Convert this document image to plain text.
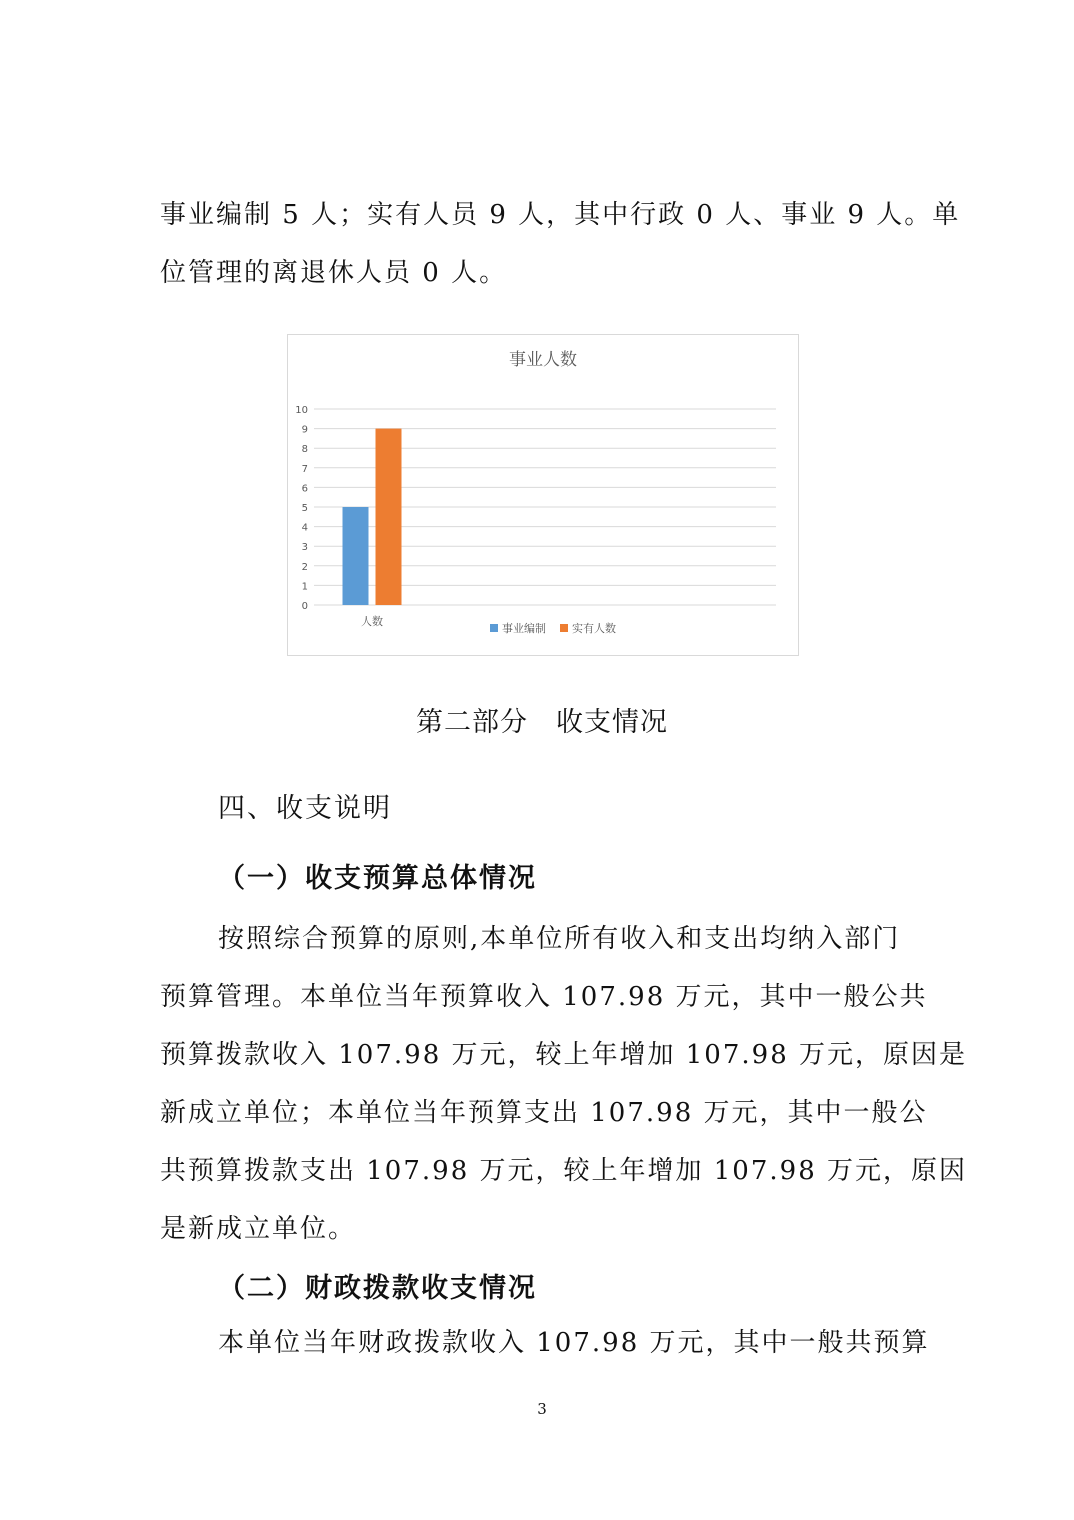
事业编制 5 人；实有人员 9 人，其中行政 0 人、事业 9 人。单
位管理的离退休人员 0 人。
事业人数
0
1
2
3
4
5
6
7
8
9
10
人数
事业编制 实有人数
第二部分　收支情况
四、收支说明
（一）收支预算总体情况
按照综合预算的原则,本单位所有收入和支出均纳入部门
预算管理。本单位当年预算收入 107.98 万元，其中一般公共
预算拨款收入 107.98 万元，较上年增加 107.98 万元，原因是
新成立单位；本单位当年预算支出 107.98 万元，其中一般公
共预算拨款支出 107.98 万元，较上年增加 107.98 万元，原因
是新成立单位。
（二）财政拨款收支情况
本单位当年财政拨款收入 107.98 万元，其中一般共预算
3
